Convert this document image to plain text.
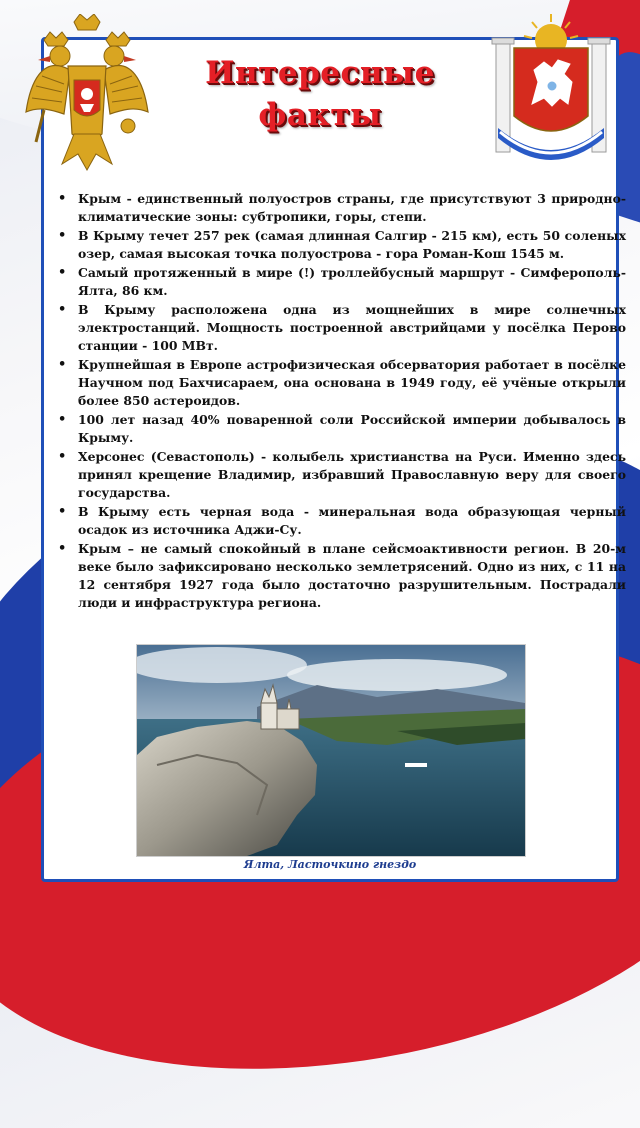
Интересные
факты
• Крым - единственный полуостров страны, где присутствуют 3 природно-климатические зоны: субтропики, горы, степи.
• В Крыму течет 257 рек (самая длинная Салгир - 215 км), есть 50 соленых озер, самая высокая точка полуострова - гора Роман-Кош 1545 м.
• Самый протяженный в мире (!) троллейбусный маршрут - Симферополь-Ялта, 86 км.
• В Крыму расположена одна из мощнейших в мире солнечных электростанций. Мощность построенной австрийцами у посёлка Перово станции - 100 МВт.
• Крупнейшая в Европе астрофизическая обсерватория работает в посёлке Научном под Бахчисараем, она основана в 1949 году, её учёные открыли более 850 астероидов.
• 100 лет назад 40% поваренной соли Российской империи добывалось в Крыму.
• Херсонес (Севастополь) - колыбель христианства на Руси. Именно здесь принял крещение Владимир, избравший Православную веру для своего государства.
• В Крыму есть черная вода - минеральная вода образующая черный осадок из источника Аджи-Су.
• Крым – не самый спокойный в плане сейсмоактивности регион. В 20-м веке было зафиксировано несколько землетрясений. Одно из них, с 11 на 12 сентября 1927 года было достаточно разрушительным. Пострадали люди и инфраструктура региона.
Ялта, Ласточкино гнездо
